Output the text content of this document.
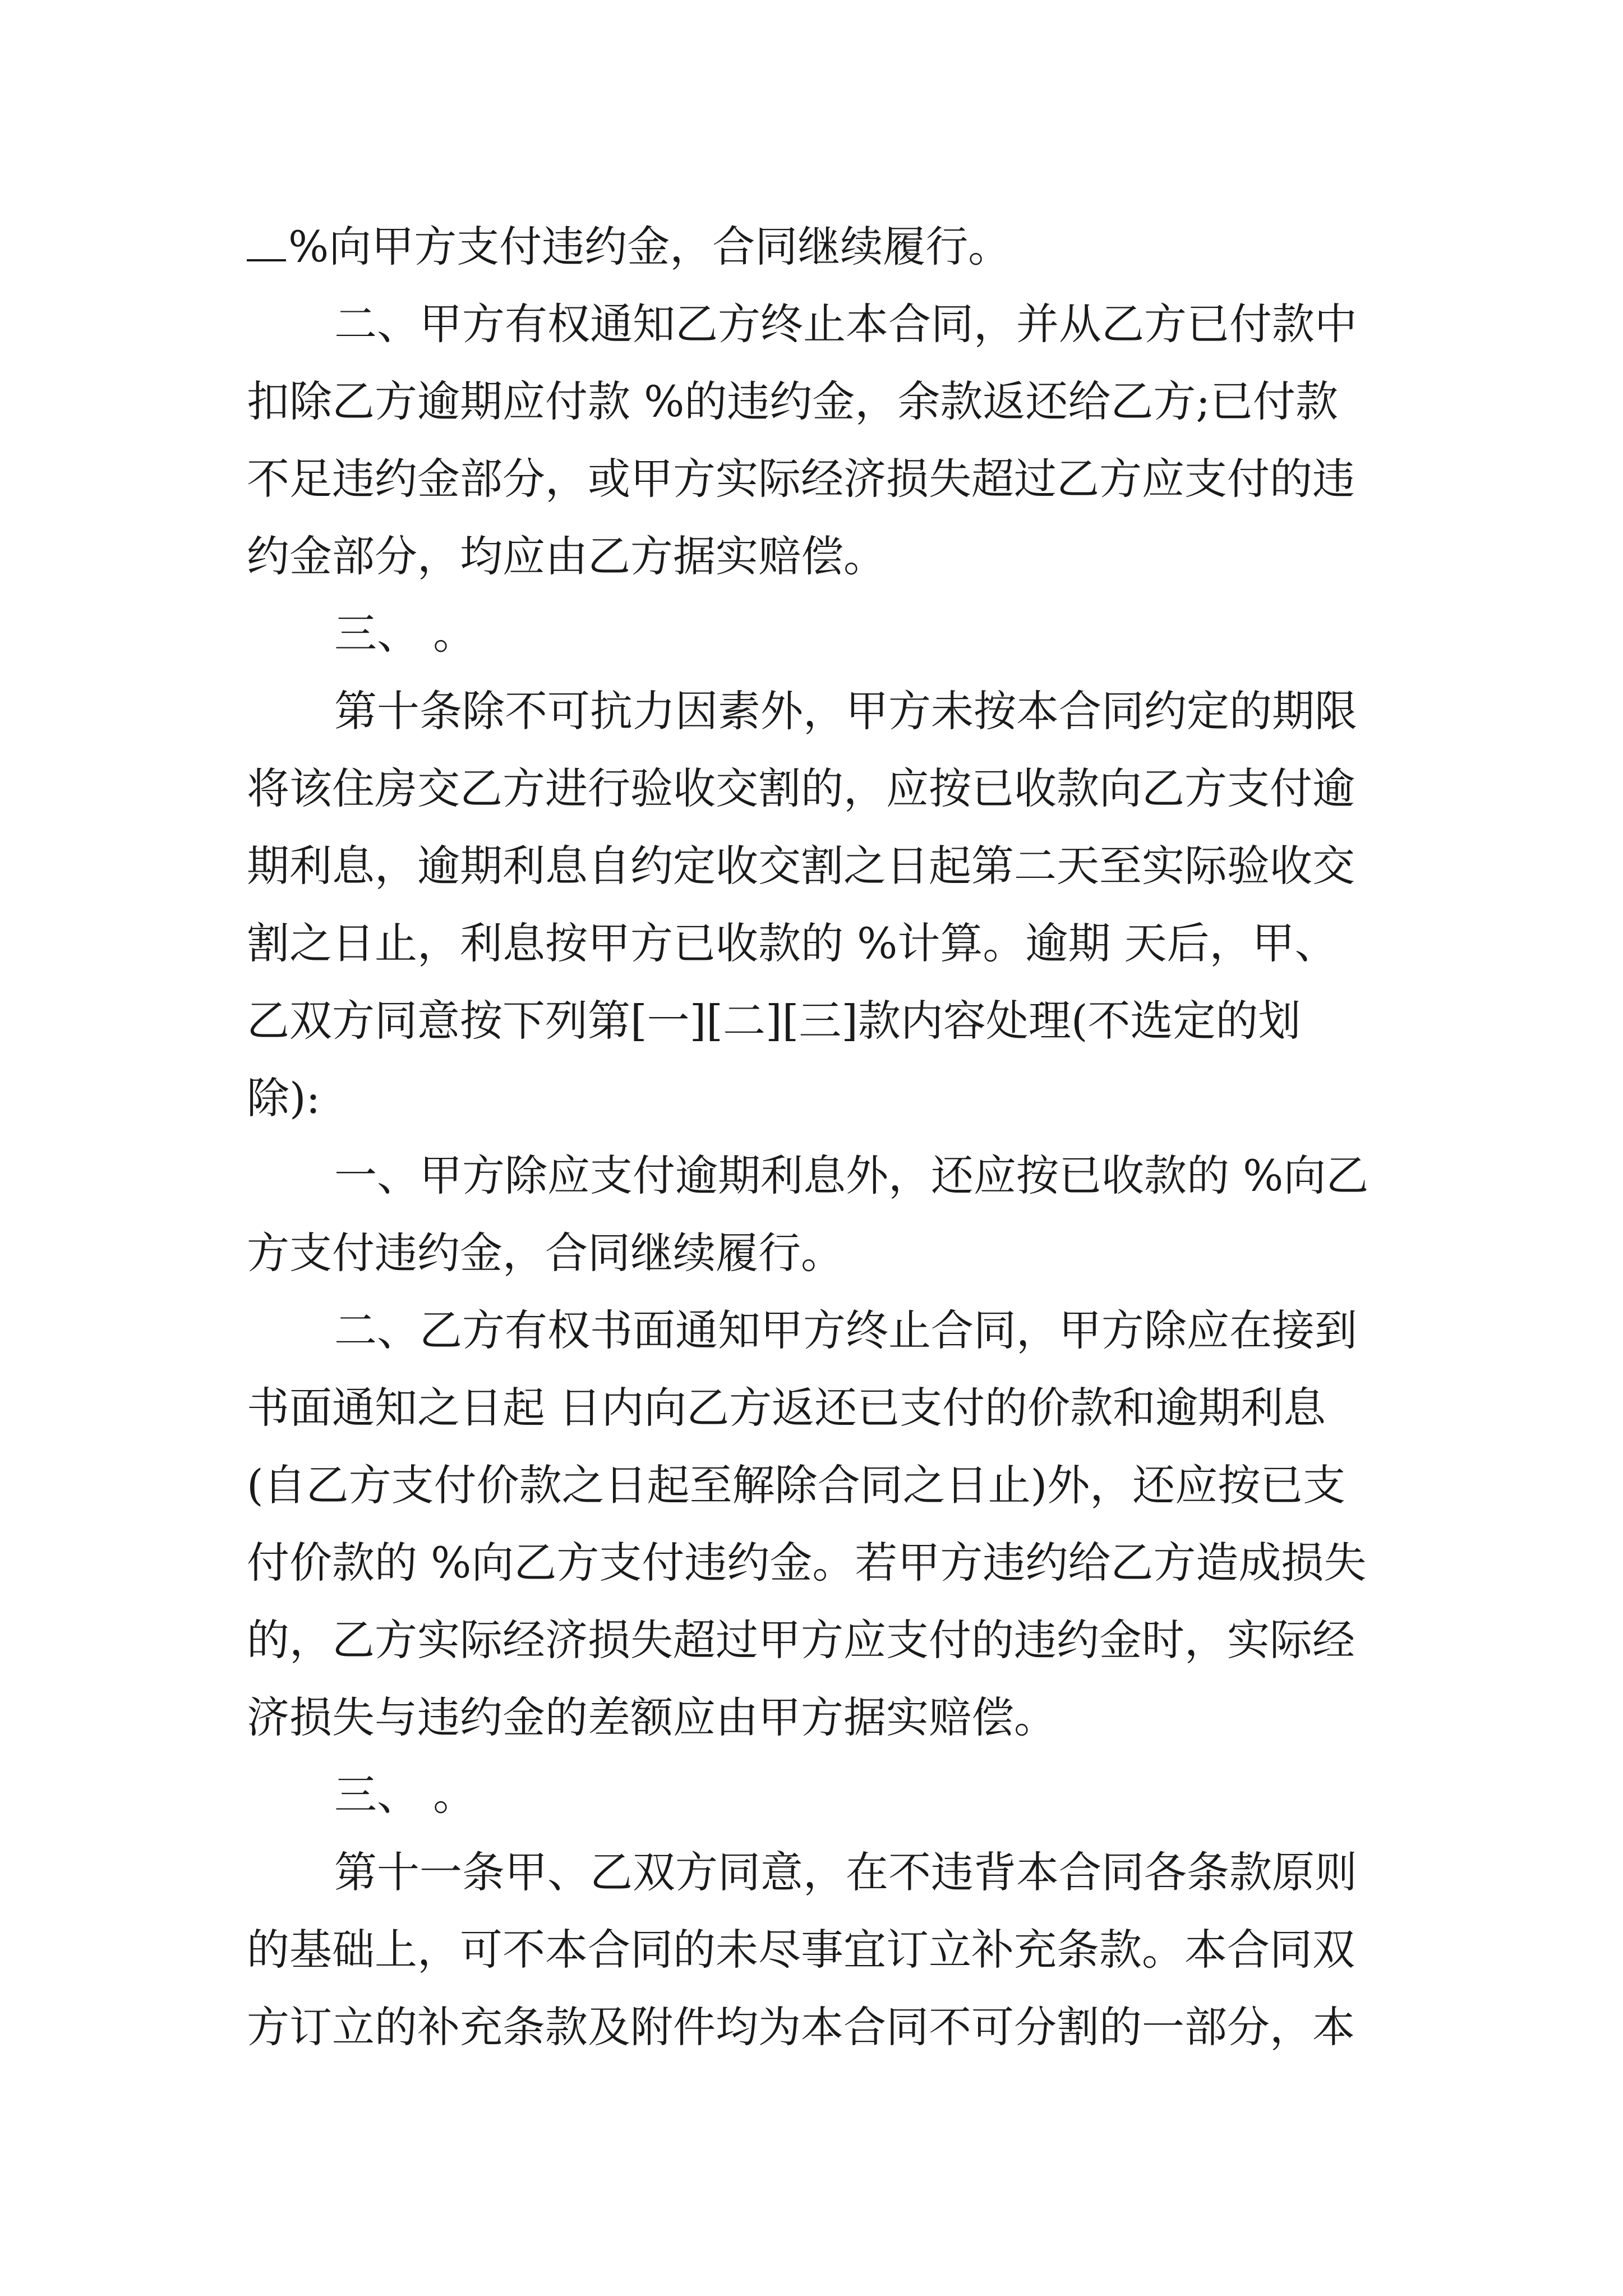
%向甲方支付违约金，合同继续履行。
二、甲方有权通知乙方终止本合同，并从乙方已付款中
扣除乙方逾期应付款 %的违约金，余款返还给乙方;已付款
不足违约金部分，或甲方实际经济损失超过乙方应支付的违
约金部分，均应由乙方据实赔偿。
三、 。
第十条除不可抗力因素外，甲方未按本合同约定的期限
将该住房交乙方进行验收交割的，应按已收款向乙方支付逾
期利息，逾期利息自约定收交割之日起第二天至实际验收交
割之日止，利息按甲方已收款的 %计算。逾期 天后，甲、
乙双方同意按下列第[一][二][三]款内容处理(不选定的划
除):
一、甲方除应支付逾期利息外，还应按已收款的 %向乙
方支付违约金，合同继续履行。
二、乙方有权书面通知甲方终止合同，甲方除应在接到
书面通知之日起 日内向乙方返还已支付的价款和逾期利息
(自乙方支付价款之日起至解除合同之日止)外，还应按已支
付价款的 %向乙方支付违约金。若甲方违约给乙方造成损失
的，乙方实际经济损失超过甲方应支付的违约金时，实际经
济损失与违约金的差额应由甲方据实赔偿。
三、 。
第十一条甲、乙双方同意，在不违背本合同各条款原则
的基础上，可不本合同的未尽事宜订立补充条款。本合同双
方订立的补充条款及附件均为本合同不可分割的一部分，本
